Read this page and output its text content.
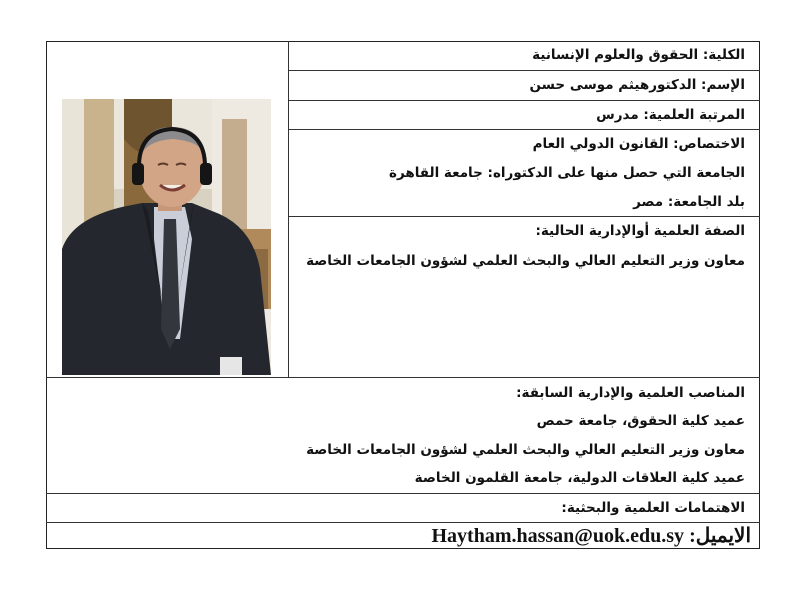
الكلية: الحقوق والعلوم الإنسانية
الإسم: الدكتورهيثم موسى حسن
المرتبة العلمية: مدرس
الاختصاص: القانون الدولي العام
الجامعة التي حصل منها على الدكتوراه: جامعة القاهرة
بلد الجامعة: مصر
الصفة العلمية أوالإدارية الحالية:
معاون وزير التعليم العالي والبحث العلمي لشؤون الجامعات الخاصة
المناصب العلمية والإدارية السابقة:
عميد كلية الحقوق، جامعة حمص
معاون وزير التعليم العالي والبحث العلمي لشؤون الجامعات الخاصة
عميد كلية العلاقات الدولية، جامعة القلمون الخاصة
الاهتمامات العلمية والبحثية:
الايميل: Haytham.hassan@uok.edu.sy
